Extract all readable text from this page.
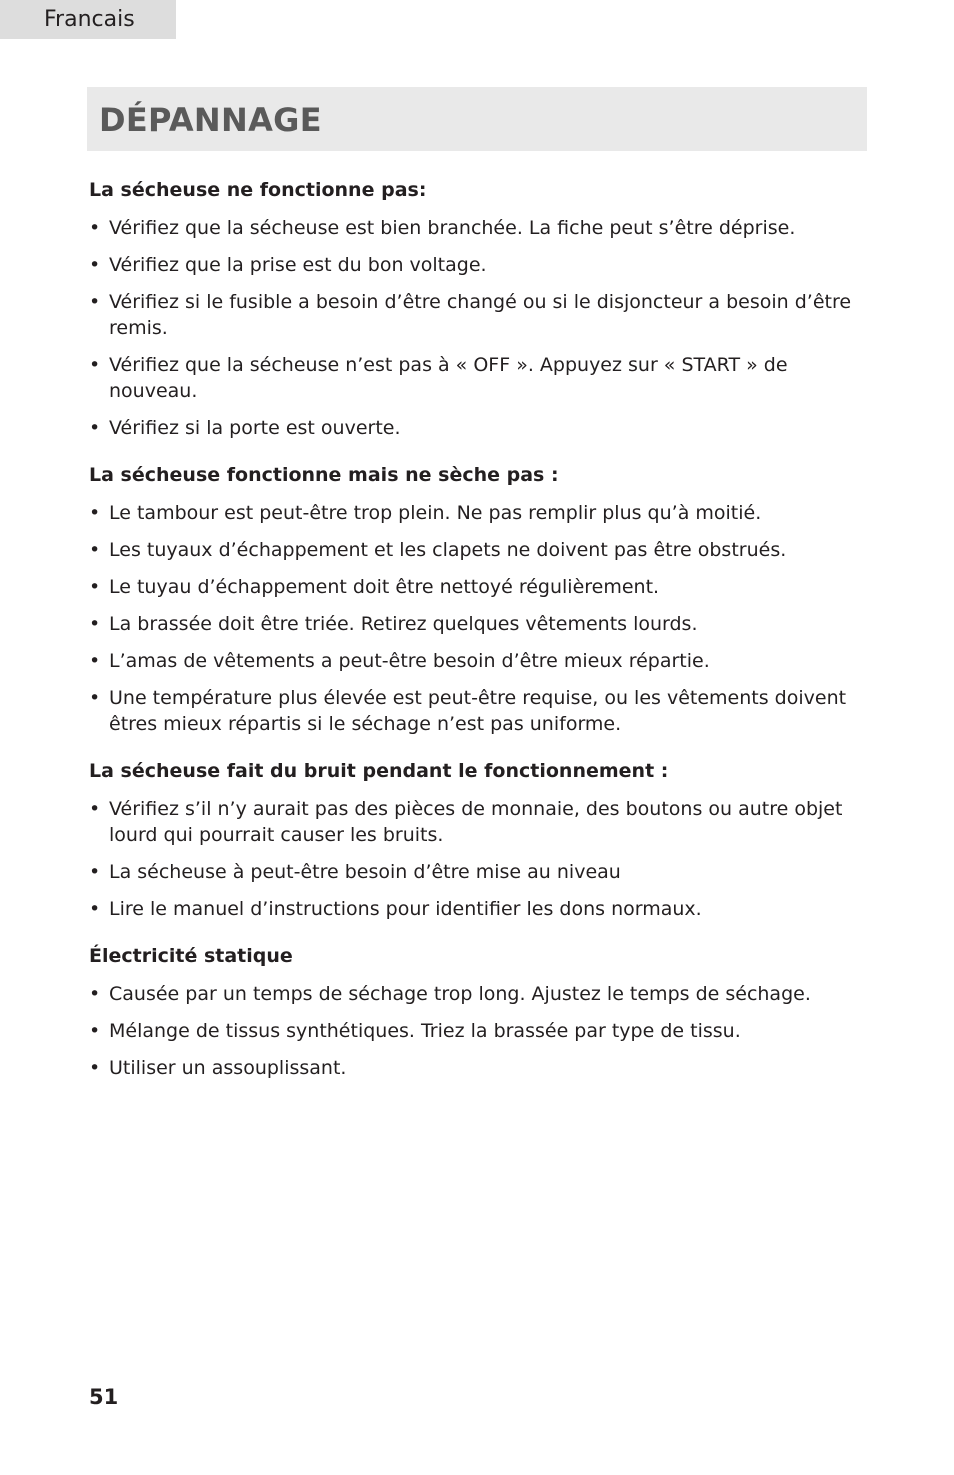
Francais
DÉPANNAGE
La sécheuse ne fonctionne pas:
• Vérifiez que la sécheuse est bien branchée. La fiche peut s’être déprise.
• Vérifiez que la prise est du bon voltage.
• Vérifiez si le fusible a besoin d’être changé ou si le disjoncteur a besoin d’être remis.
• Vérifiez que la sécheuse n’est pas à « OFF ». Appuyez sur « START » de nouveau.
• Vérifiez si la porte est ouverte.
La sécheuse fonctionne mais ne sèche pas :
• Le tambour est peut-être trop plein. Ne pas remplir plus qu’à moitié.
• Les tuyaux d’échappement et les clapets ne doivent pas être obstrués.
• Le tuyau d’échappement doit être nettoyé régulièrement.
• La brassée doit être triée. Retirez quelques vêtements lourds.
• L’amas de vêtements a peut-être besoin d’être mieux répartie.
• Une température plus élevée est peut-être requise, ou les vêtements doivent êtres mieux répartis si le séchage n’est pas uniforme.
La sécheuse fait du bruit pendant le fonctionnement :
• Vérifiez s’il n’y aurait pas des pièces de monnaie, des boutons ou autre objet lourd qui pourrait causer les bruits.
• La sécheuse à peut-être besoin d’être mise au niveau
• Lire le manuel d’instructions pour identifier les dons normaux.
Électricité statique
• Causée par un temps de séchage trop long. Ajustez le temps de séchage.
• Mélange de tissus synthétiques. Triez la brassée par type de tissu.
• Utiliser un assouplissant.
51
